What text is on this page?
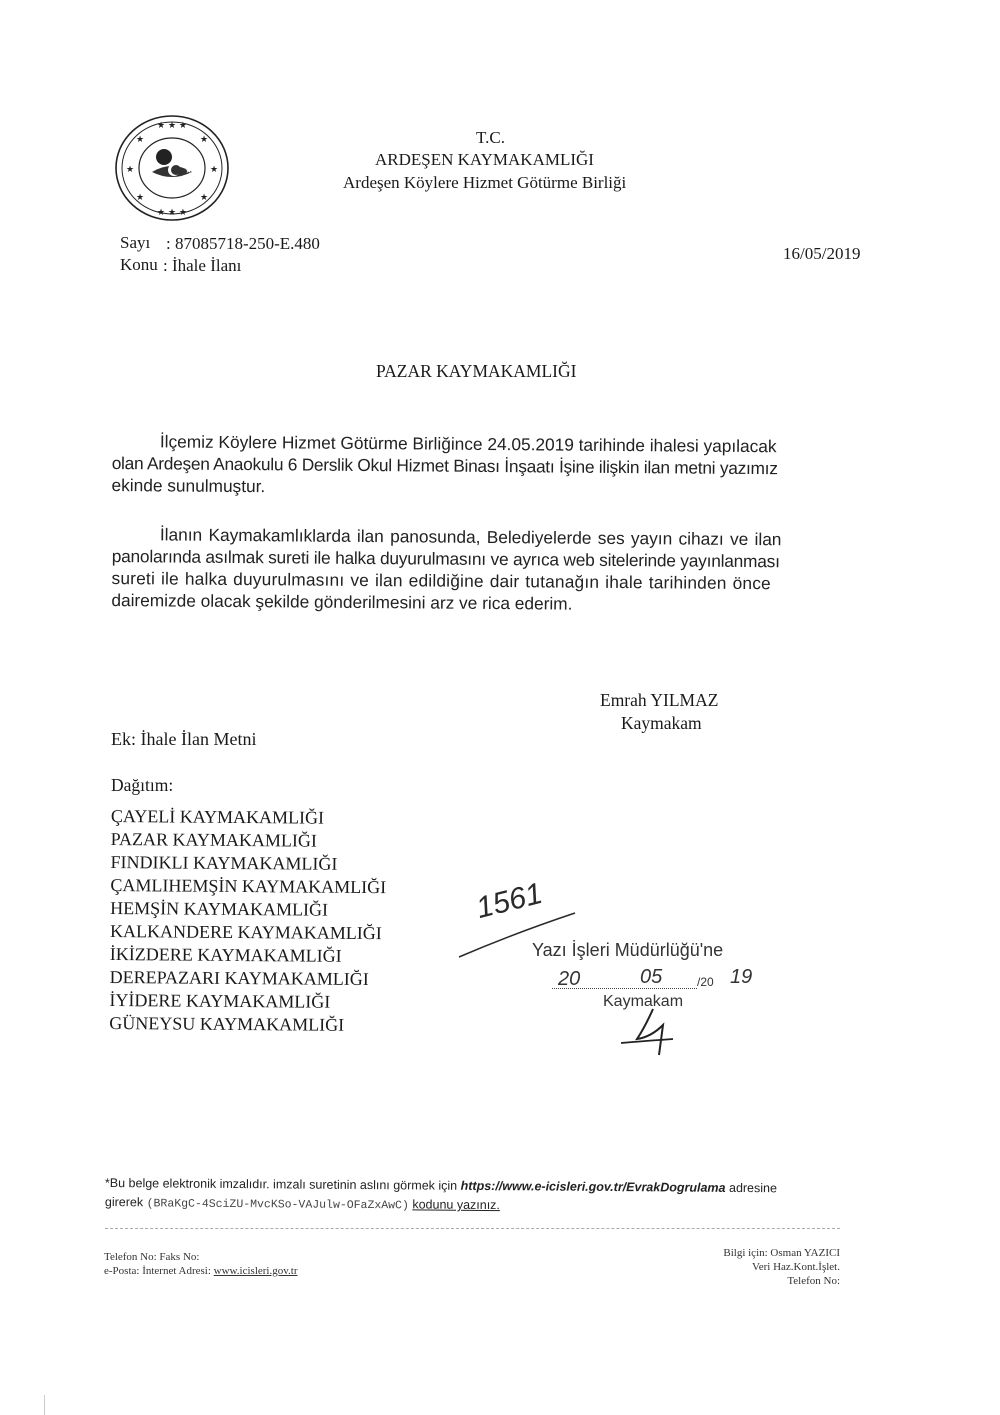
★ ★ ★
★ ★ ★
★	★
★	★
★	★
★
T.C.
ARDEŞEN KAYMAKAMLIĞI
Ardeşen Köylere Hizmet Götürme Birliği
Sayı : 87085718-250-E.480
Konu : İhale İlanı
16/05/2019
PAZAR KAYMAKAMLIĞI
İlçemiz Köylere Hizmet Götürme Birliğince 24.05.2019 tarihinde ihalesi yapılacak
olan Ardeşen Anaokulu 6 Derslik Okul Hizmet Binası İnşaatı İşine ilişkin ilan metni yazımız
ekinde sunulmuştur.
İlanın Kaymakamlıklarda ilan panosunda, Belediyelerde ses yayın cihazı ve ilan
panolarında asılmak sureti ile halka duyurulmasını ve ayrıca web sitelerinde yayınlanması
sureti ile halka duyurulmasını ve ilan edildiğine dair tutanağın ihale tarihinden önce
dairemizde olacak şekilde gönderilmesini arz ve rica ederim.
Emrah YILMAZ
Kaymakam
Ek: İhale İlan Metni
Dağıtım:
ÇAYELİ KAYMAKAMLIĞI
PAZAR KAYMAKAMLIĞI
FINDIKLI KAYMAKAMLIĞI
ÇAMLIHEMŞİN KAYMAKAMLIĞI
HEMŞİN KAYMAKAMLIĞI
KALKANDERE KAYMAKAMLIĞI
İKİZDERE KAYMAKAMLIĞI
DEREPAZARI KAYMAKAMLIĞI
İYİDERE KAYMAKAMLIĞI
GÜNEYSU KAYMAKAMLIĞI
1561
Yazı İşleri Müdürlüğü'ne
20	05	/20 19
Kaymakam
*Bu belge elektronik imzalıdır. imzalı suretinin aslını görmek için https://www.e-icisleri.gov.tr/EvrakDogrulama adresine
girerek (BRaKgC-4SciZU-MvcKSo-VAJulw-OFaZxAwC) kodunu yazınız.
Telefon No: Faks No:
e-Posta: İnternet Adresi: www.icisleri.gov.tr
Bilgi için: Osman YAZICI
Veri Haz.Kont.İşlet.
Telefon No:
